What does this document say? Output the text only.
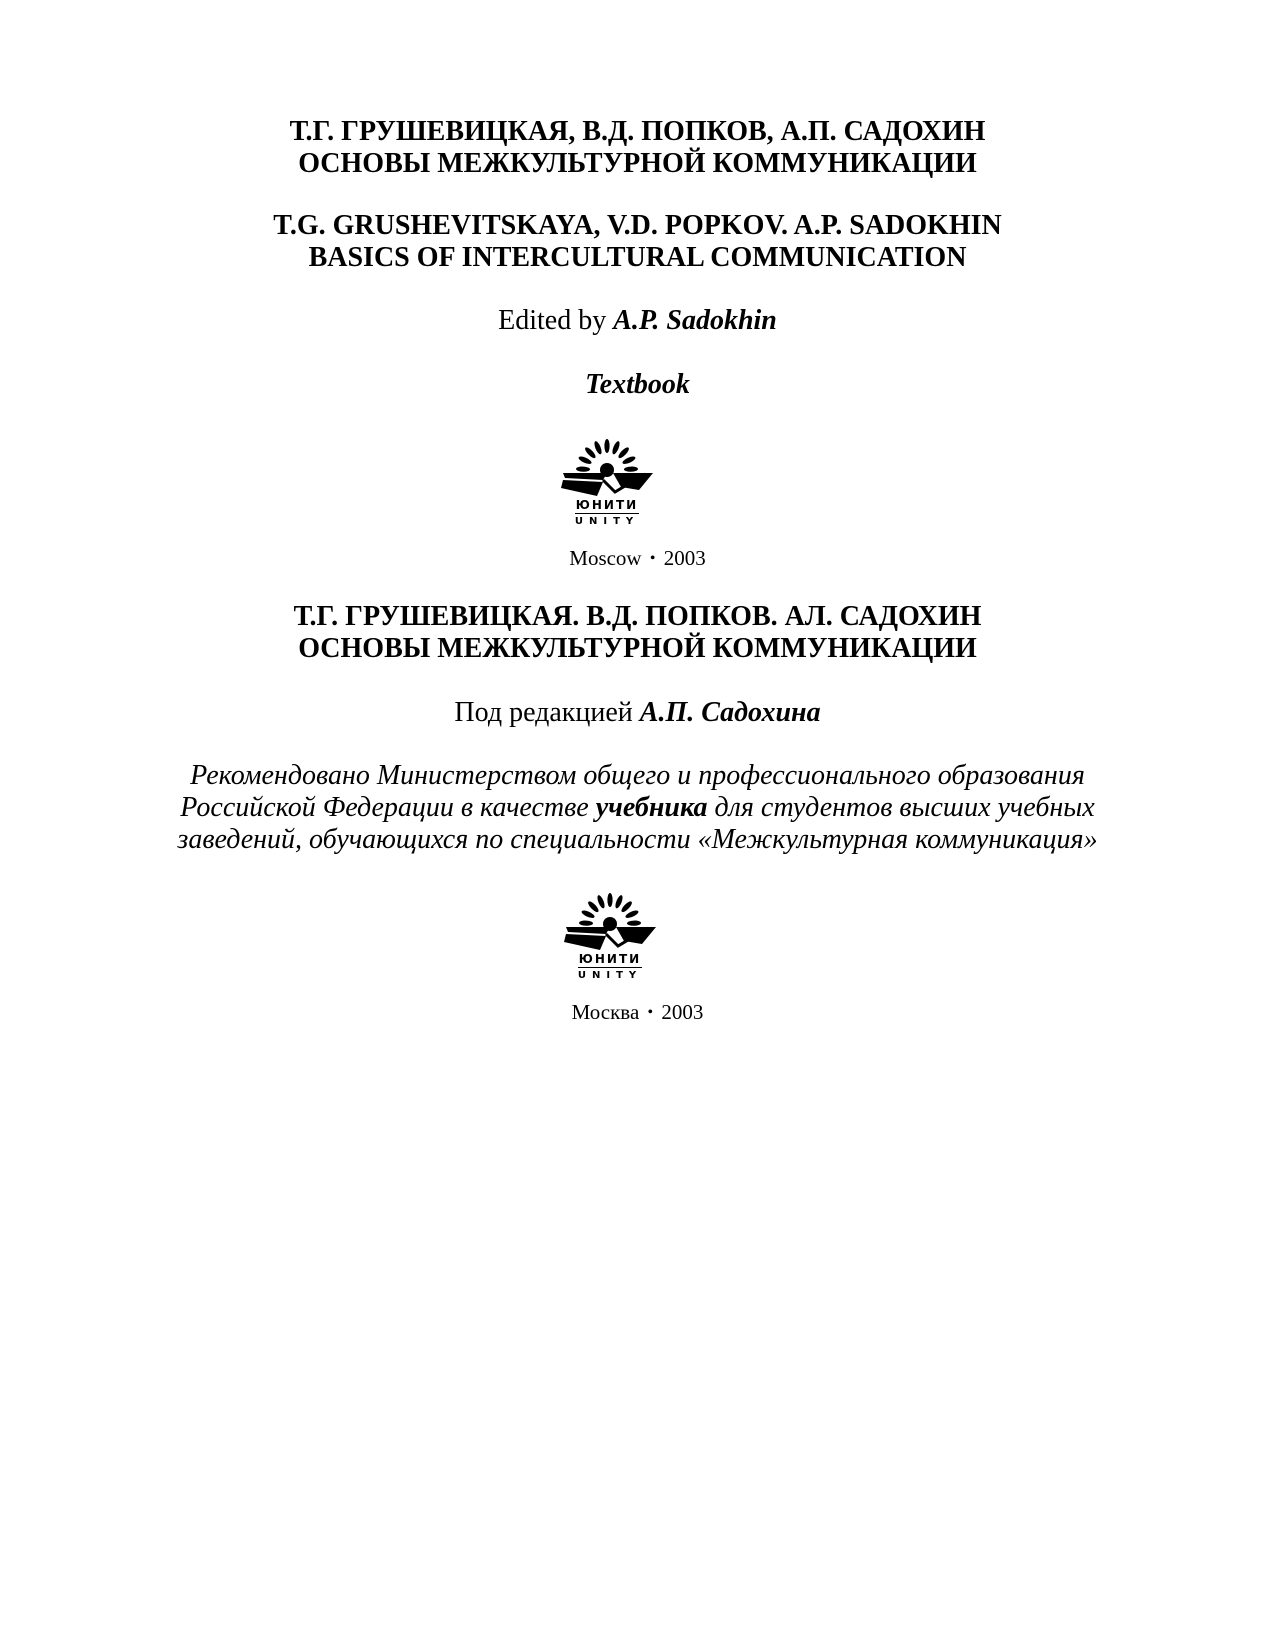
Т.Г. ГРУШЕВИЦКАЯ, В.Д. ПОПКОВ, А.П. САДОХИН
ОСНОВЫ МЕЖКУЛЬТУРНОЙ КОММУНИКАЦИИ
T.G. GRUSHEVITSKAYA, V.D. POPKOV. A.P. SADOKHIN
BASICS OF INTERCULTURAL COMMUNICATION
Edited by A.P. Sadokhin
Textbook
ЮНИТИ
UNITY
Moscow • 2003
Т.Г. ГРУШЕВИЦКАЯ. В.Д. ПОПКОВ. АЛ. САДОХИН
ОСНОВЫ МЕЖКУЛЬТУРНОЙ КОММУНИКАЦИИ
Под редакцией А.П. Садохина
Рекомендовано Министерством общего и профессионального образования
Российской Федерации в качестве учебника для студентов высших учебных
заведений, обучающихся по специальности «Межкультурная коммуникация»
ЮНИТИ
UNITY
Москва • 2003
